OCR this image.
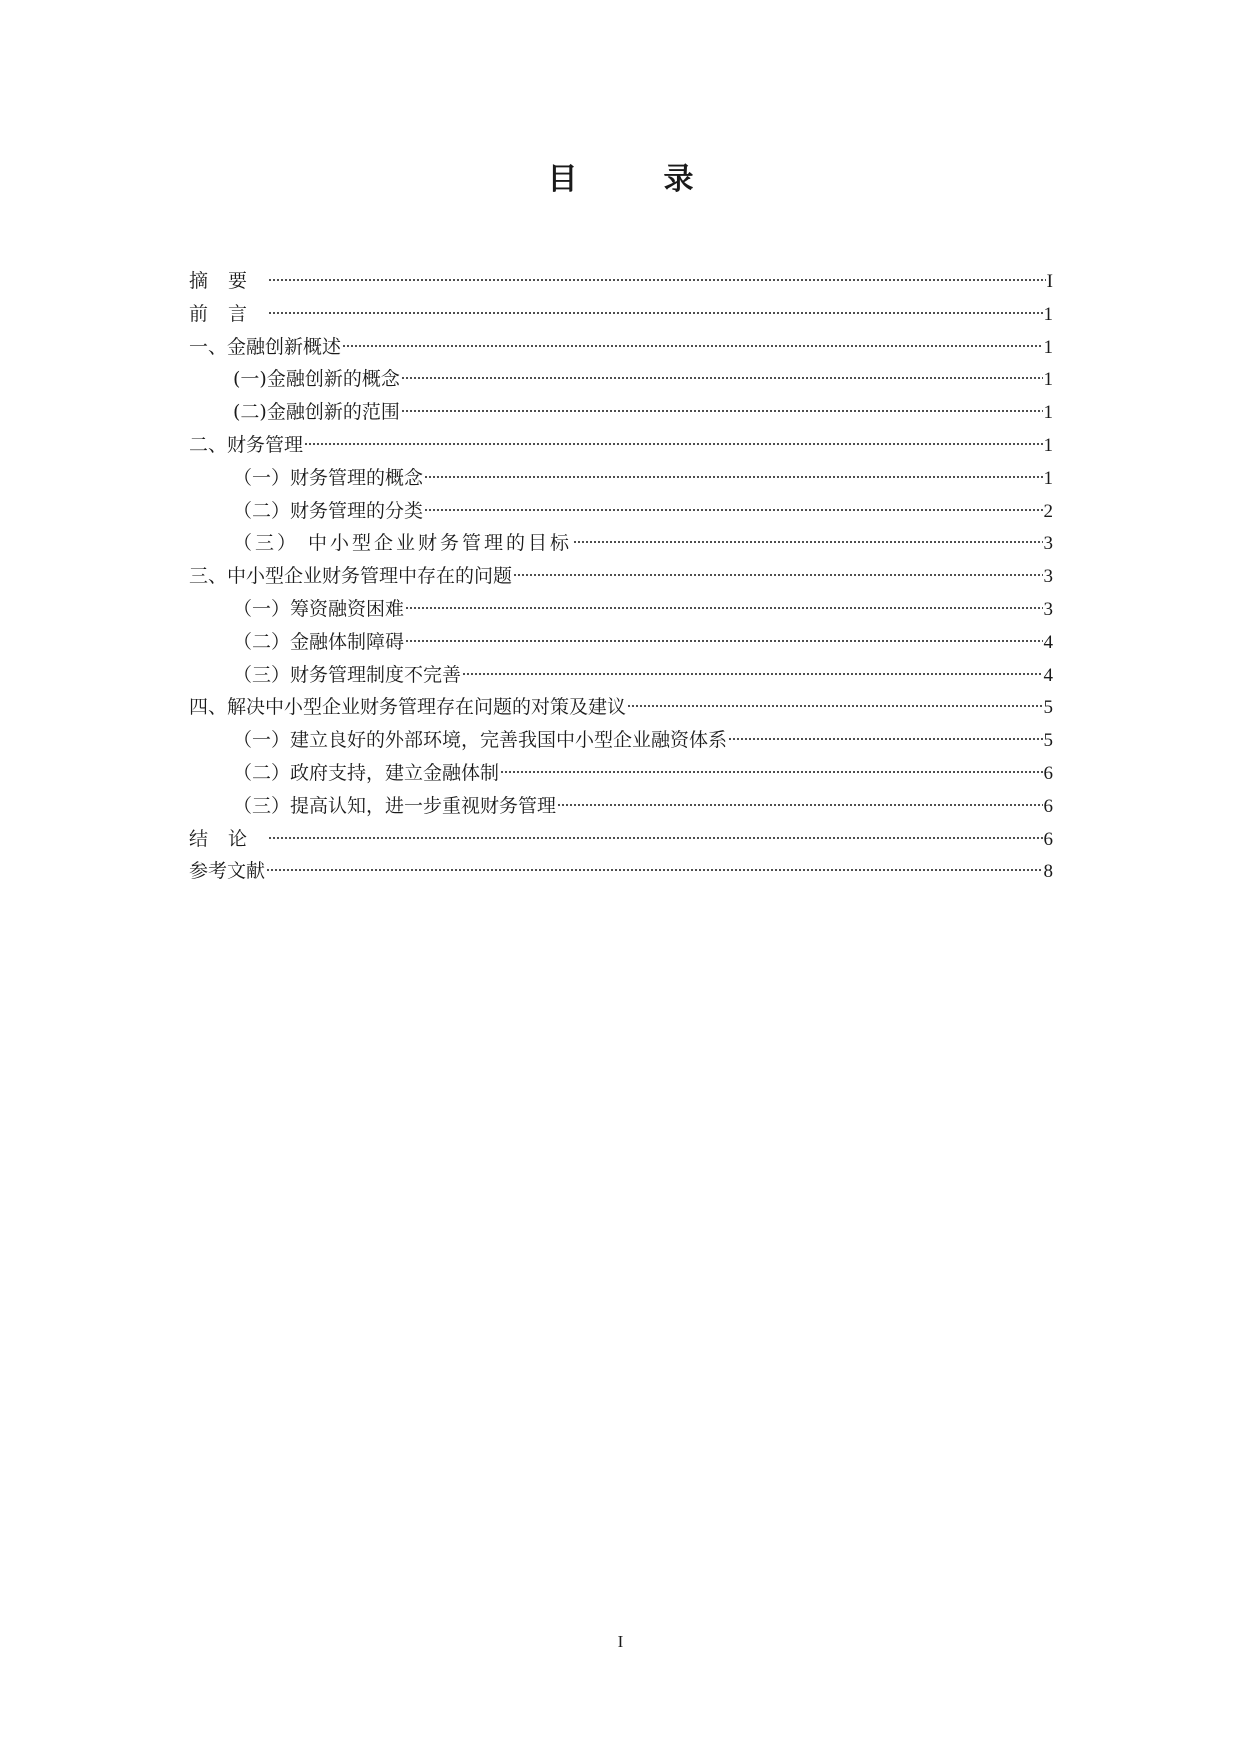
目　录
摘要	I
前言	1
一、金融创新概述	1
(一)金融创新的概念	1
(二)金融创新的范围	1
二、财务管理	1
（一）财务管理的概念	1
（二）财务管理的分类	2
（三） 中小型企业财务管理的目标	3
三、中小型企业财务管理中存在的问题	3
（一）筹资融资困难	3
（二）金融体制障碍	4
（三）财务管理制度不完善	4
四、解决中小型企业财务管理存在问题的对策及建议	5
（一）建立良好的外部环境，完善我国中小型企业融资体系	5
（二）政府支持，建立金融体制	6
（三）提高认知，进一步重视财务管理	6
结论	6
参考文献	8
I
